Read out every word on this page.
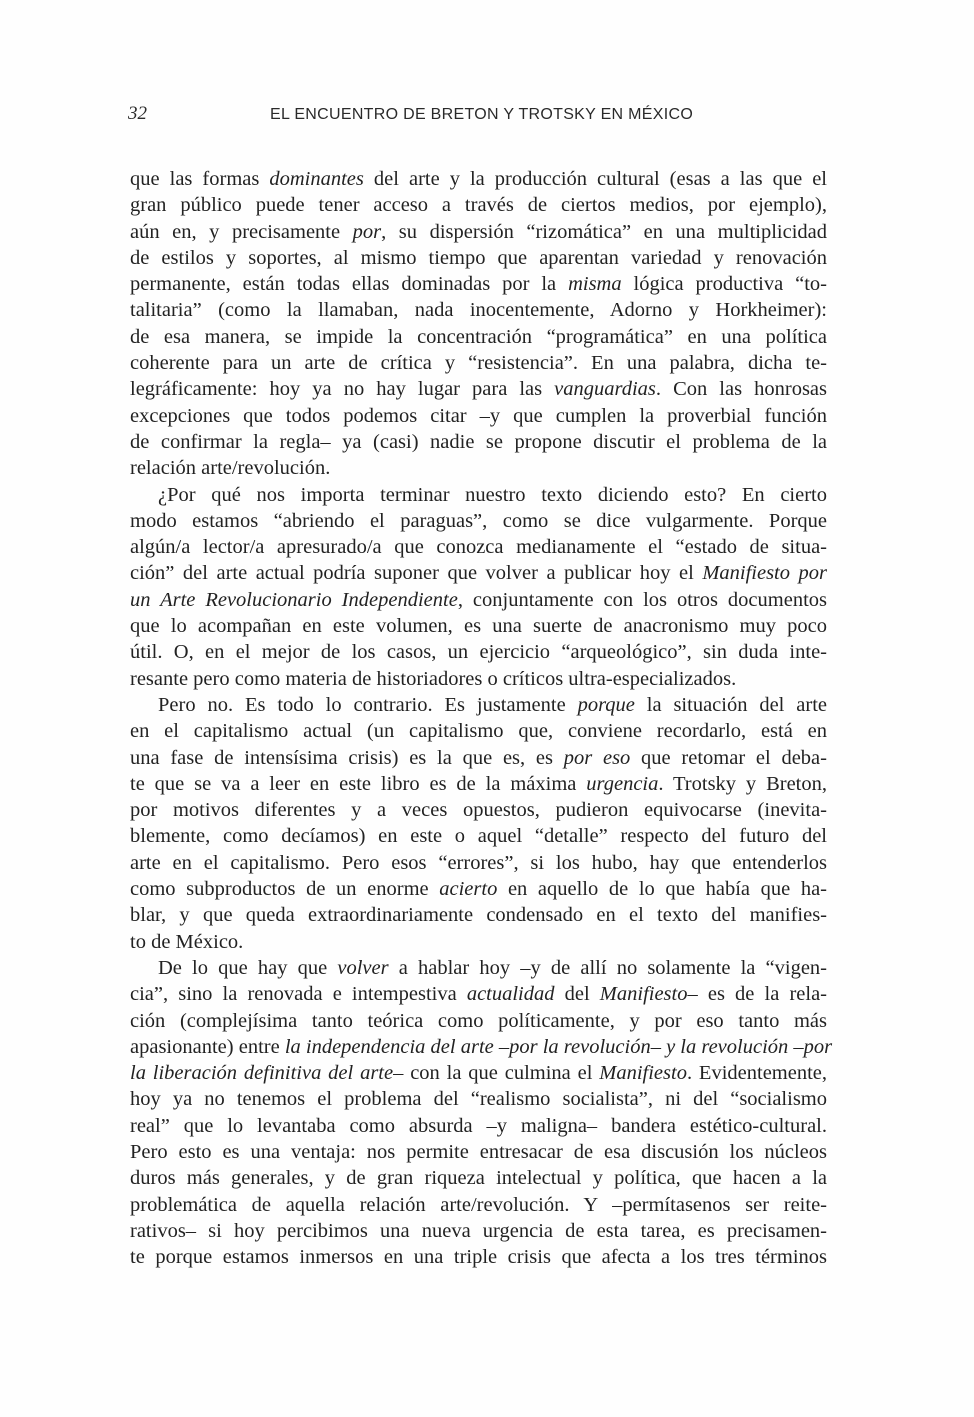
32	EL ENCUENTRO DE BRETON Y TROTSKY EN MÉXICO
que las formas dominantes del arte y la producción cultural (esas a las que el
gran público puede tener acceso a través de ciertos medios, por ejemplo),
aún en, y precisamente por, su dispersión “rizomática” en una multiplicidad
de estilos y soportes, al mismo tiempo que aparentan variedad y renovación
permanente, están todas ellas dominadas por la misma lógica productiva “to-
talitaria” (como la llamaban, nada inocentemente, Adorno y Horkheimer):
de esa manera, se impide la concentración “programática” en una política
coherente para un arte de crítica y “resistencia”. En una palabra, dicha te-
legráficamente: hoy ya no hay lugar para las vanguardias. Con las honrosas
excepciones que todos podemos citar –y que cumplen la proverbial función
de confirmar la regla– ya (casi) nadie se propone discutir el problema de la
relación arte/revolución.
¿Por qué nos importa terminar nuestro texto diciendo esto? En cierto
modo estamos “abriendo el paraguas”, como se dice vulgarmente. Porque
algún/a lector/a apresurado/a que conozca medianamente el “estado de situa-
ción” del arte actual podría suponer que volver a publicar hoy el Manifiesto por
un Arte Revolucionario Independiente, conjuntamente con los otros documentos
que lo acompañan en este volumen, es una suerte de anacronismo muy poco
útil. O, en el mejor de los casos, un ejercicio “arqueológico”, sin duda inte-
resante pero como materia de historiadores o críticos ultra-especializados.
Pero no. Es todo lo contrario. Es justamente porque la situación del arte
en el capitalismo actual (un capitalismo que, conviene recordarlo, está en
una fase de intensísima crisis) es la que es, es por eso que retomar el deba-
te que se va a leer en este libro es de la máxima urgencia. Trotsky y Breton,
por motivos diferentes y a veces opuestos, pudieron equivocarse (inevita-
blemente, como decíamos) en este o aquel “detalle” respecto del futuro del
arte en el capitalismo. Pero esos “errores”, si los hubo, hay que entenderlos
como subproductos de un enorme acierto en aquello de lo que había que ha-
blar, y que queda extraordinariamente condensado en el texto del manifies-
to de México.
De lo que hay que volver a hablar hoy –y de allí no solamente la “vigen-
cia”, sino la renovada e intempestiva actualidad del Manifiesto– es de la rela-
ción (complejísima tanto teórica como políticamente, y por eso tanto más
apasionante) entre la independencia del arte –por la revolución– y la revolución –por
la liberación definitiva del arte– con la que culmina el Manifiesto. Evidentemente,
hoy ya no tenemos el problema del “realismo socialista”, ni del “socialismo
real” que lo levantaba como absurda –y maligna– bandera estético-cultural.
Pero esto es una ventaja: nos permite entresacar de esa discusión los núcleos
duros más generales, y de gran riqueza intelectual y política, que hacen a la
problemática de aquella relación arte/revolución. Y –permítasenos ser reite-
rativos– si hoy percibimos una nueva urgencia de esta tarea, es precisamen-
te porque estamos inmersos en una triple crisis que afecta a los tres términos
